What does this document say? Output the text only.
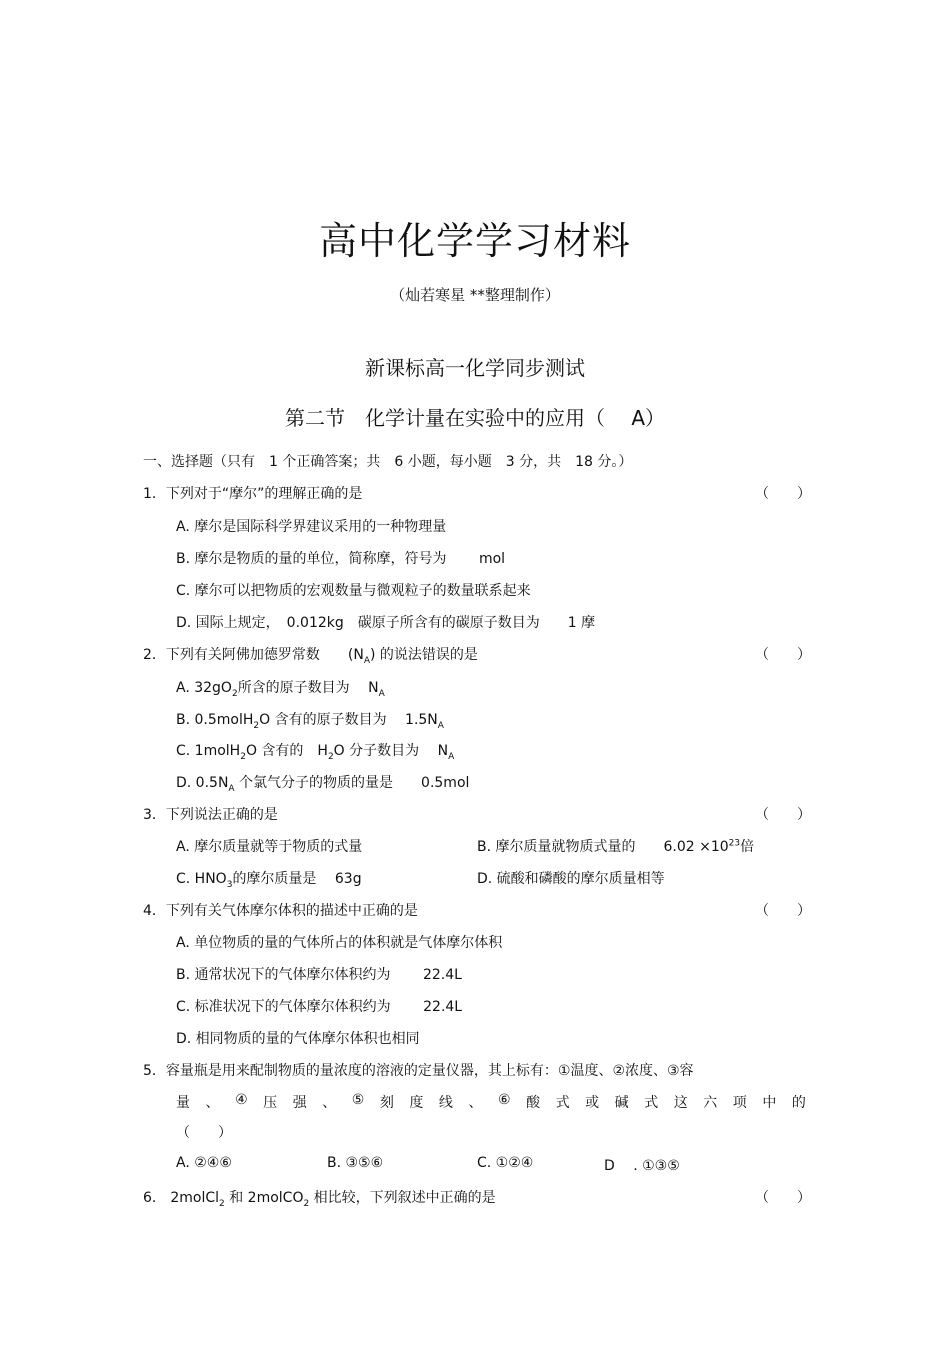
高中化学学习材料
（灿若寒星 **整理制作）
新课标高一化学同步测试
第二节　化学计量在实验中的应用（　 A）
一、选择题（只有　1 个正确答案；共　6 小题，每小题　3 分，共　18 分。）
1．下列对于“摩尔”的理解正确的是	（　　）
A. 摩尔是国际科学界建议采用的一种物理量
B. 摩尔是物质的量的单位，简称摩，符号为　　 mol
C. 摩尔可以把物质的宏观数量与微观粒子的数量联系起来
D. 国际上规定，　0.012kg　碳原子所含有的碳原子数目为　　1 摩
2．下列有关阿佛加德罗常数　　$(N_A)$ 的说法错误的是	（　　）
A. $32gO_2$所含的原子数目为　 $N_A$
B. 0.5molH$_2$O 含有的原子数目为　 $1.5N_A$
C. 1molH$_2$O 含有的　$H_2O$ 分子数目为　 $N_A$
D. $0.5N_A$ 个氯气分子的物质的量是　　0.5mol
3．下列说法正确的是	（　　）
A. 摩尔质量就等于物质的式量	B. 摩尔质量就物质式量的　　$6.02 \times 10^{23}$倍
C. $HNO_3$的摩尔质量是　 63g	D. 硫酸和磷酸的摩尔质量相等
4．下列有关气体摩尔体积的描述中正确的是	（　　）
A. 单位物质的量的气体所占的体积就是气体摩尔体积
B. 通常状况下的气体摩尔体积约为　　 22.4L
C. 标准状况下的气体摩尔体积约为　　 22.4L
D. 相同物质的量的气体摩尔体积也相同
5．容量瓶是用来配制物质的量浓度的溶液的定量仪器，其上标有：①温度、②浓度、③容
量 、 ④ 压 强 、 ⑤ 刻 度 线 、 ⑥ 酸 式 或 碱 式 这 六 项 中 的
（　　）
A. ②④⑥	B. ③⑤⑥	C. ①②④	D　 . ①③⑤
6． 2molCl$_2$ 和 2molCO$_2$ 相比较，下列叙述中正确的是	（　　）
